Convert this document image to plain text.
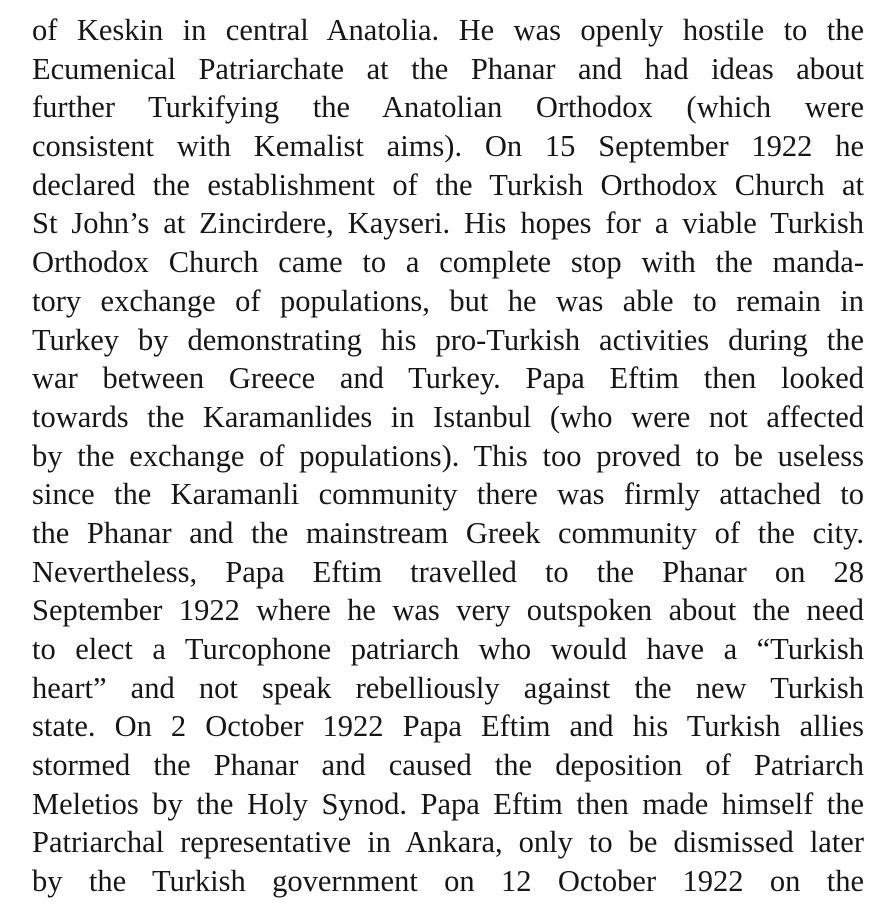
of Keskin in central Anatolia. He was openly hostile to the
Ecumenical Patriarchate at the Phanar and had ideas about
further Turkifying the Anatolian Orthodox (which were
consistent with Kemalist aims). On 15 September 1922 he
declared the establishment of the Turkish Orthodox Church at
St John’s at Zincirdere, Kayseri. His hopes for a viable Turkish
Orthodox Church came to a complete stop with the manda-
tory exchange of populations, but he was able to remain in
Turkey by demonstrating his pro-Turkish activities during the
war between Greece and Turkey. Papa Eftim then looked
towards the Karamanlides in Istanbul (who were not affected
by the exchange of populations). This too proved to be useless
since the Karamanli community there was firmly attached to
the Phanar and the mainstream Greek community of the city.
Nevertheless, Papa Eftim travelled to the Phanar on 28
September 1922 where he was very outspoken about the need
to elect a Turcophone patriarch who would have a “Turkish
heart” and not speak rebelliously against the new Turkish
state. On 2 October 1922 Papa Eftim and his Turkish allies
stormed the Phanar and caused the deposition of Patriarch
Meletios by the Holy Synod. Papa Eftim then made himself the
Patriarchal representative in Ankara, only to be dismissed later
by the Turkish government on 12 October 1922 on the
